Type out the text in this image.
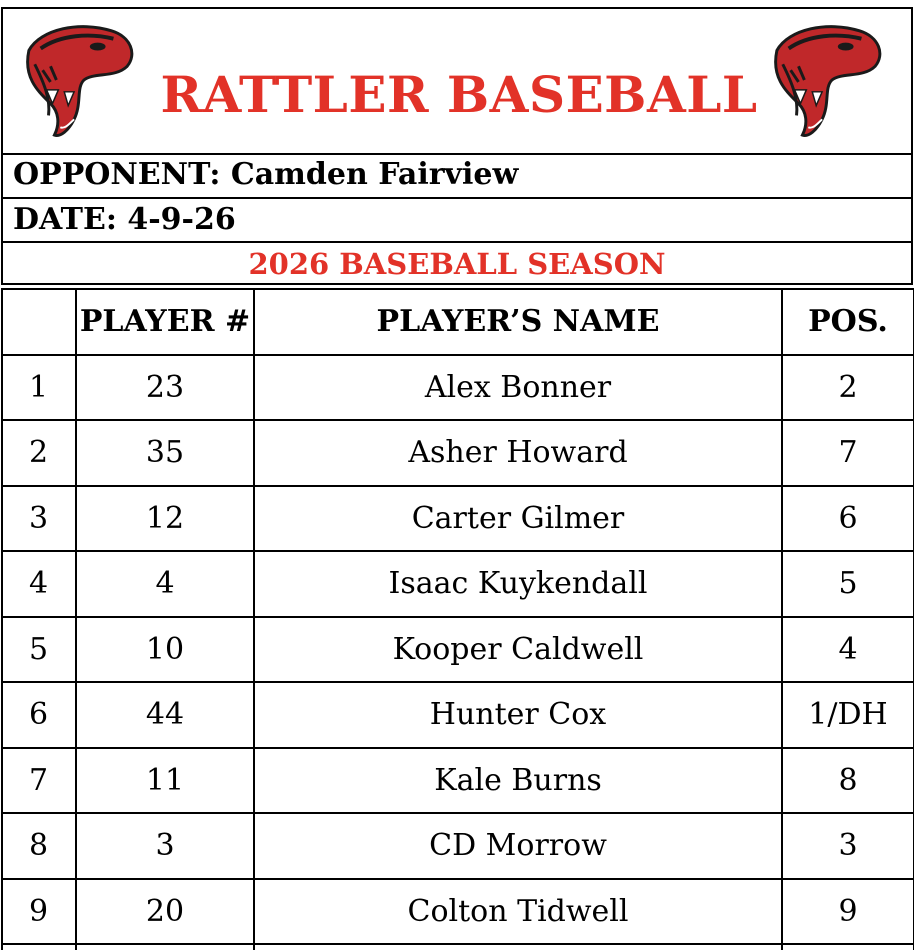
RATTLER BASEBALL
OPPONENT: Camden Fairview
DATE: 4-9-26
2026 BASEBALL SEASON
	PLAYER #	PLAYER’S NAME	POS.
1	23	Alex Bonner	2
2	35	Asher Howard	7
3	12	Carter Gilmer	6
4	4	Isaac Kuykendall	5
5	10	Kooper Caldwell	4
6	44	Hunter Cox	1/DH
7	11	Kale Burns	8
8	3	CD Morrow	3
9	20	Colton Tidwell	9
